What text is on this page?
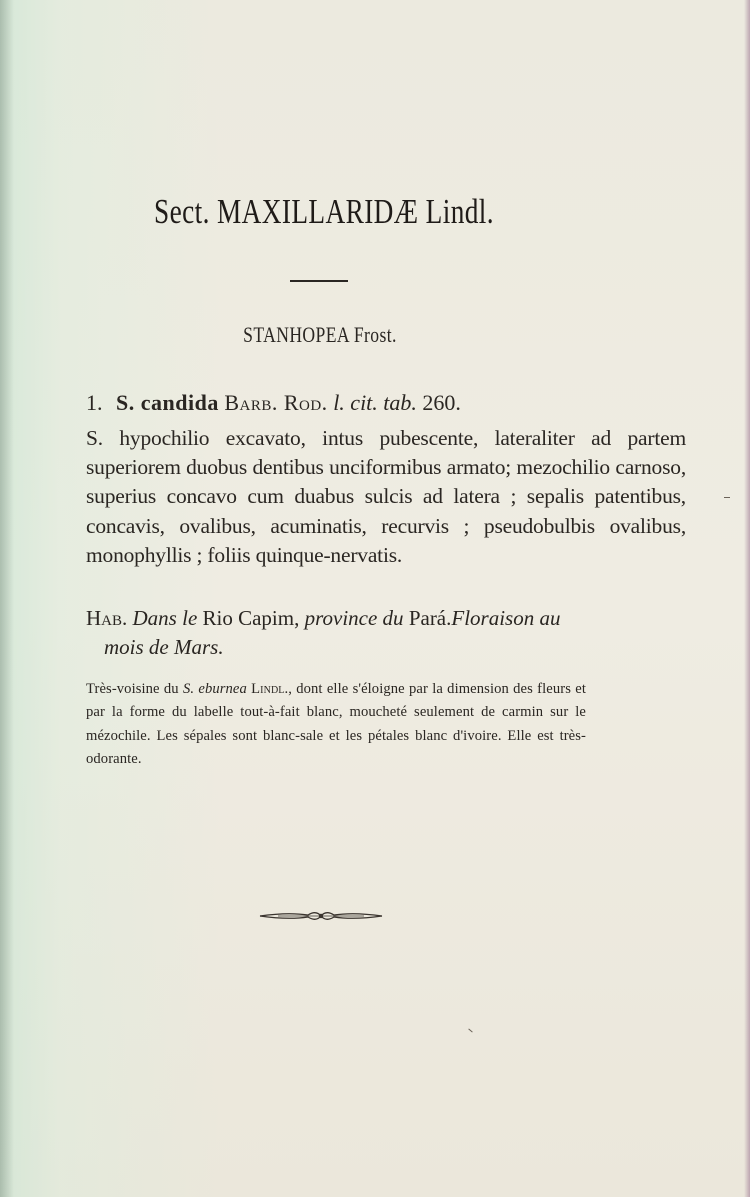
Sect. MAXILLARIDÆ Lindl.
STANHOPEA Frost.
1. S. candida Barb. Rod. l. cit. tab. 260.
S. hypochilio excavato, intus pubescente, lateraliter ad partem superiorem duobus dentibus unciformibus armato; mezochilio carnoso, superius concavo cum duabus sulcis ad latera ; sepalis patentibus, concavis, ovalibus, acuminatis, recurvis ; pseudobulbis ovalibus, monophyllis ; foliis quinque-nervatis.
Hab. Dans le Rio Capim, province du Pará.Floraison au
mois de Mars.
Très-voisine du S. eburnea Lindl., dont elle s'éloigne par la dimension des fleurs et par la forme du labelle tout-à-fait blanc, moucheté seulement de carmin sur le mézochile. Les sépales sont blanc-sale et les pétales blanc d'ivoire. Elle est très-odorante.
